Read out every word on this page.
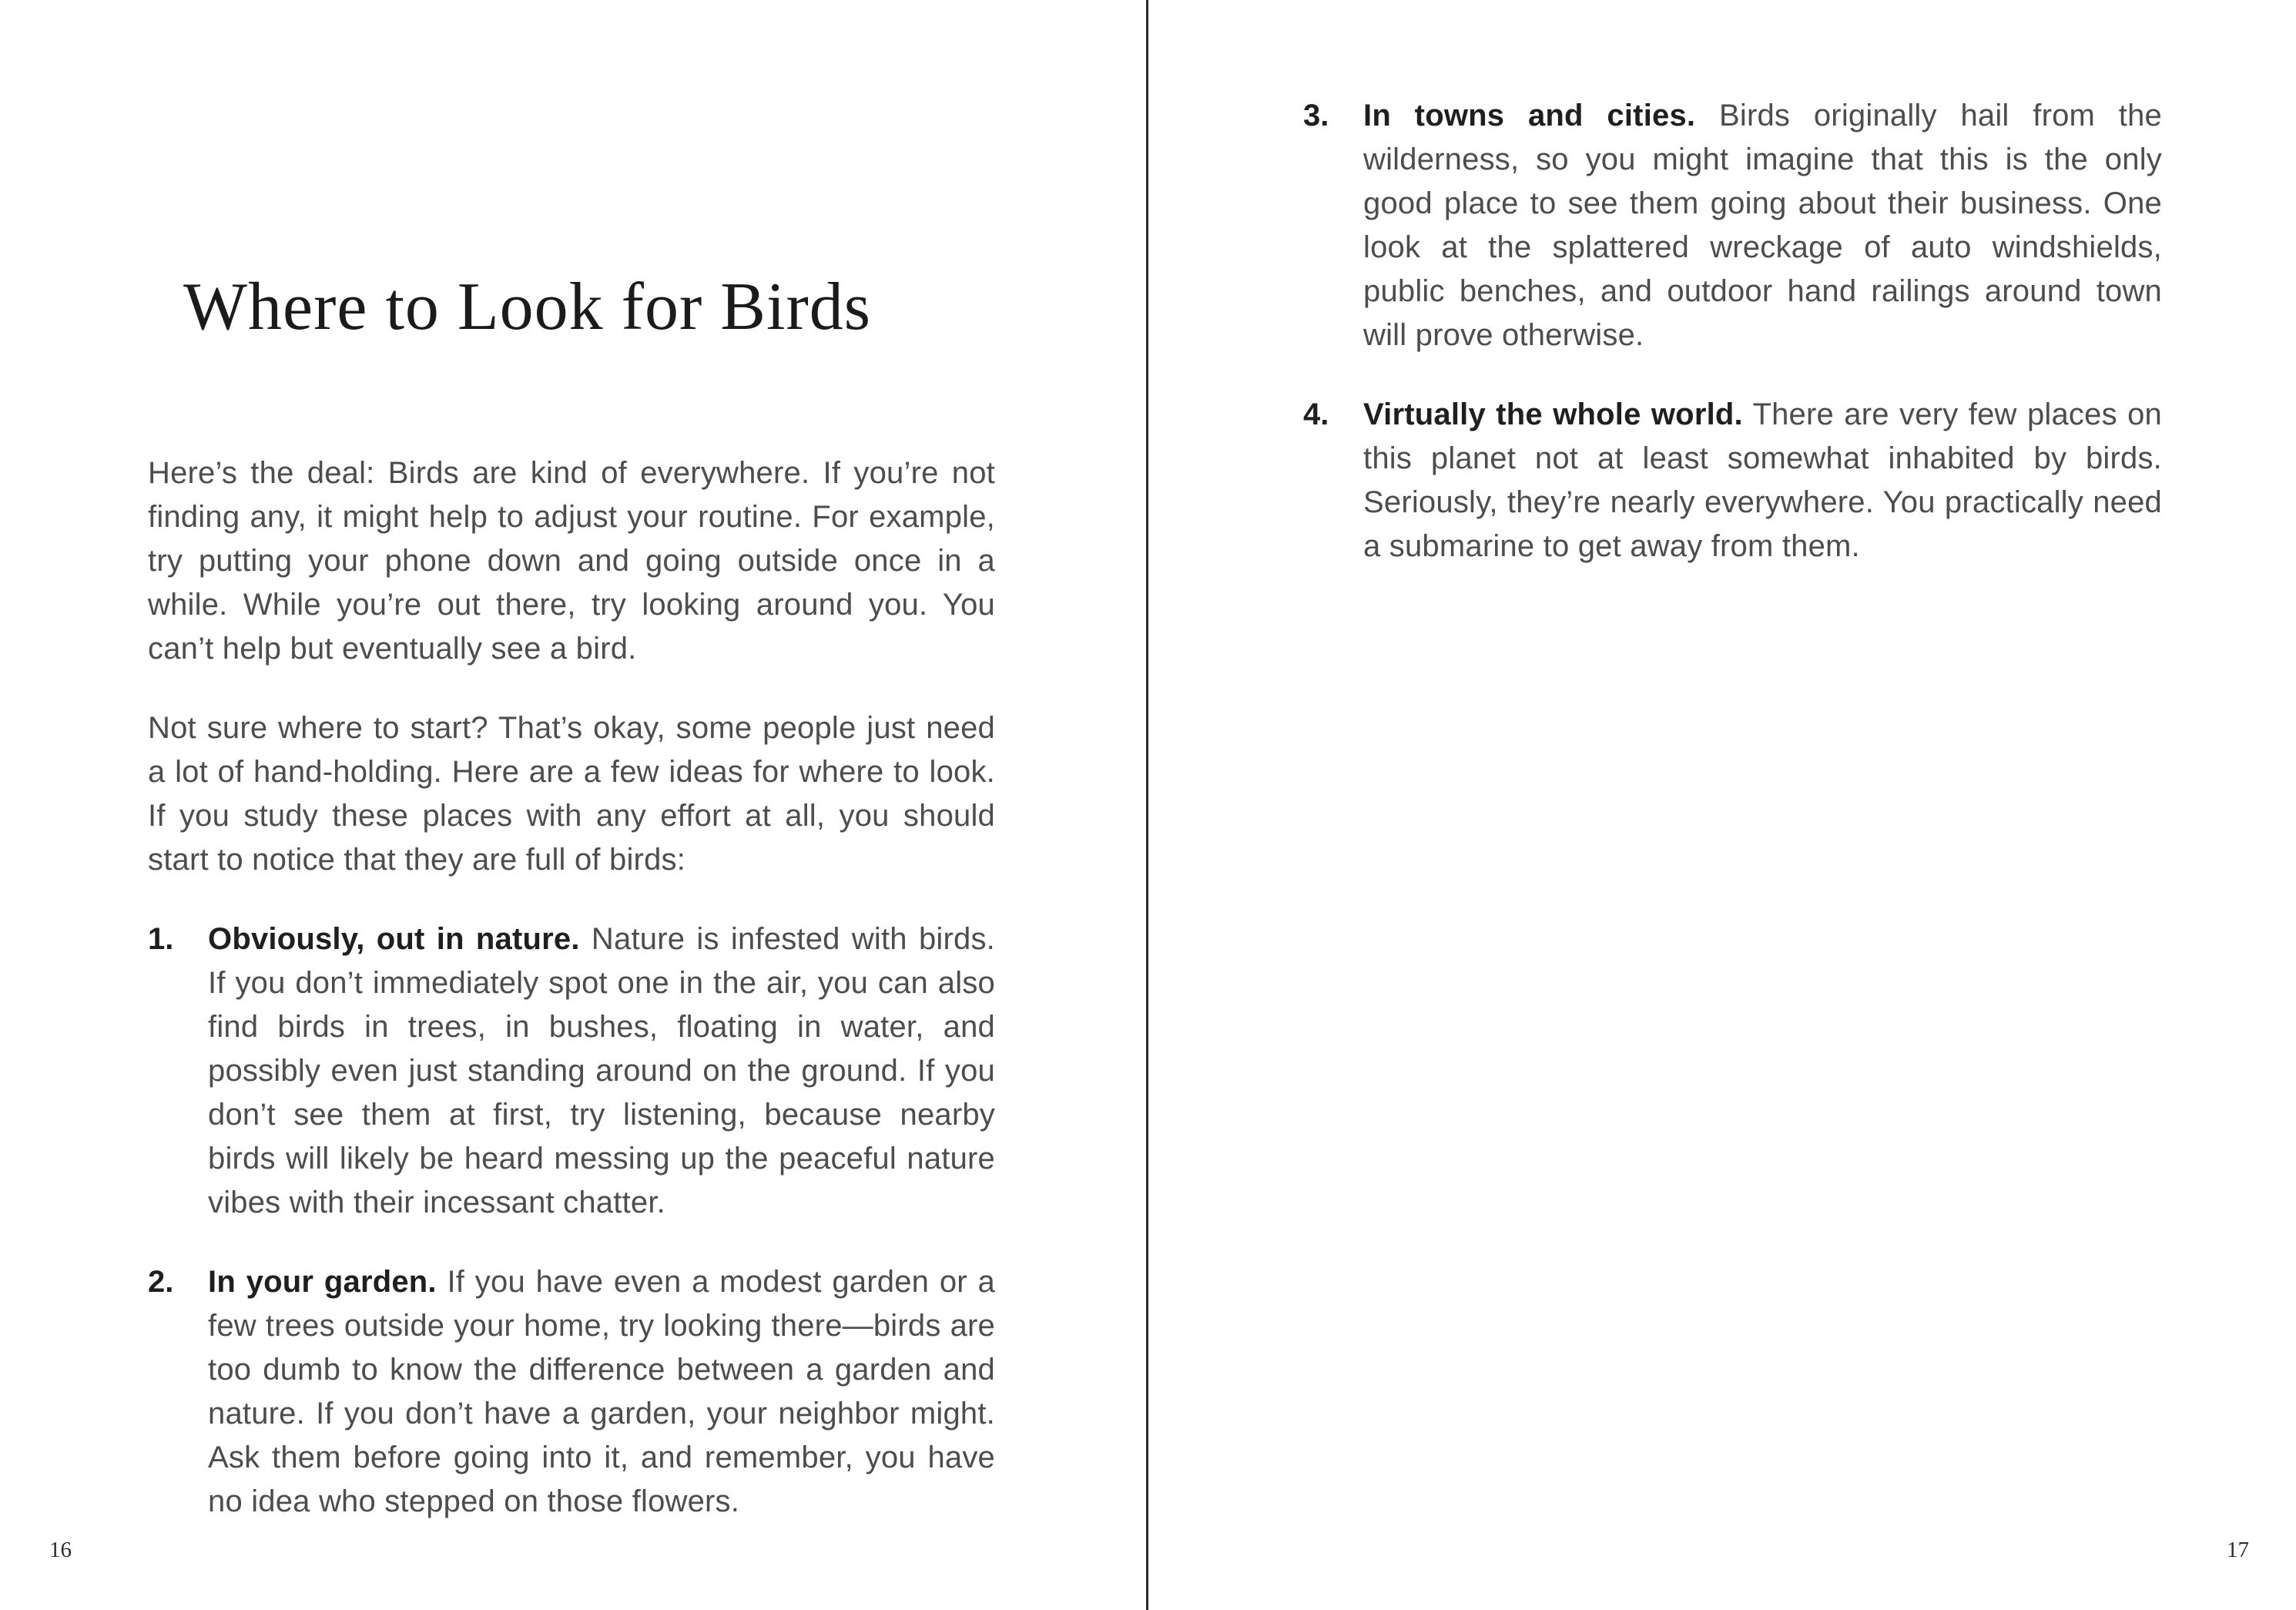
Where to Look for Birds

Here’s the deal: Birds are kind of everywhere. If you’re not finding any, it might help to adjust your routine. For example, try putting your phone down and going outside once in a while. While you’re out there, try looking around you. You can’t help but eventually see a bird.

Not sure where to start? That’s okay, some people just need a lot of hand-holding. Here are a few ideas for where to look. If you study these places with any effort at all, you should start to notice that they are full of birds:

1.	Obviously, out in nature. Nature is infested with birds. If you don’t immediately spot one in the air, you can also find birds in trees, in bushes, floating in water, and possibly even just standing around on the ground. If you don’t see them at first, try listening, because nearby birds will likely be heard messing up the peaceful nature vibes with their incessant chatter.

2.	In your garden. If you have even a modest garden or a few trees outside your home, try looking there—birds are too dumb to know the difference between a garden and nature. If you don’t have a garden, your neighbor might. Ask them before going into it, and remember, you have no idea who stepped on those flowers.

16
3.	In towns and cities. Birds originally hail from the wilderness, so you might imagine that this is the only good place to see them going about their business. One look at the splattered wreckage of auto windshields, public benches, and outdoor hand railings around town will prove otherwise.

4.	Virtually the whole world. There are very few places on this planet not at least somewhat inhabited by birds. Seriously, they’re nearly everywhere. You practically need a submarine to get away from them.

17
